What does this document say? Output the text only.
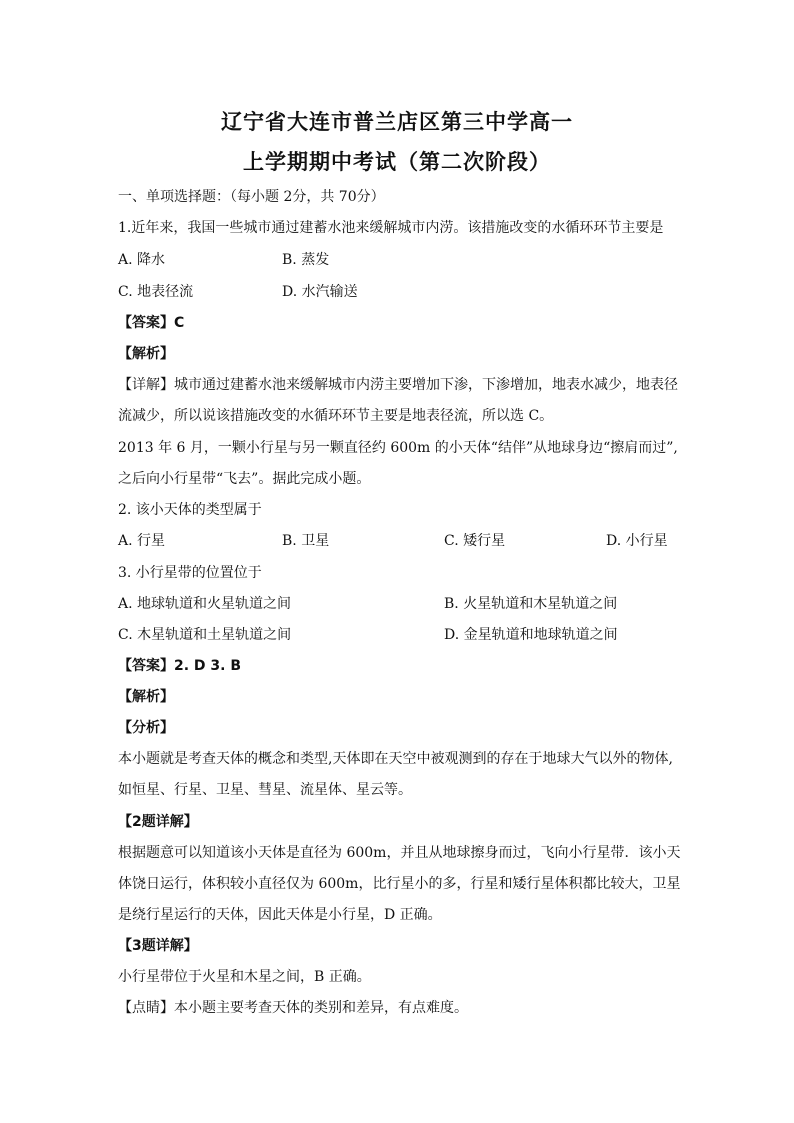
辽宁省大连市普兰店区第三中学高一
上学期期中考试（第二次阶段）
一、单项选择题：（每小题 2分，共 70分）
1.近年来，我国一些城市通过建蓄水池来缓解城市内涝。该措施改变的水循环环节主要是
A. 降水	B. 蒸发
C. 地表径流	D. 水汽输送
【答案】C
【解析】
【详解】城市通过建蓄水池来缓解城市内涝主要增加下渗，下渗增加，地表水减少，地表径
流减少，所以说该措施改变的水循环环节主要是地表径流，所以选 C。
2013 年 6 月，一颗小行星与另一颗直径约 600m 的小天体“结伴”从地球身边“擦肩而过”,
之后向小行星带“飞去”。据此完成小题。
2. 该小天体的类型属于
A. 行星	B. 卫星	C. 矮行星	D. 小行星
3. 小行星带的位置位于
A. 地球轨道和火星轨道之间	B. 火星轨道和木星轨道之间
C. 木星轨道和土星轨道之间	D. 金星轨道和地球轨道之间
【答案】2. D 3. B
【解析】
【分析】
本小题就是考查天体的概念和类型,天体即在天空中被观测到的存在于地球大气以外的物体,
如恒星、行星、卫星、彗星、流星体、星云等。
【2题详解】
根据题意可以知道该小天体是直径为 600m，并且从地球擦身而过，飞向小行星带．该小天
体饶日运行，体积较小直径仅为 600m，比行星小的多，行星和矮行星体积都比较大，卫星
是绕行星运行的天体，因此天体是小行星，D 正确。
【3题详解】
小行星带位于火星和木星之间，B 正确。
【点睛】本小题主要考查天体的类别和差异，有点难度。
